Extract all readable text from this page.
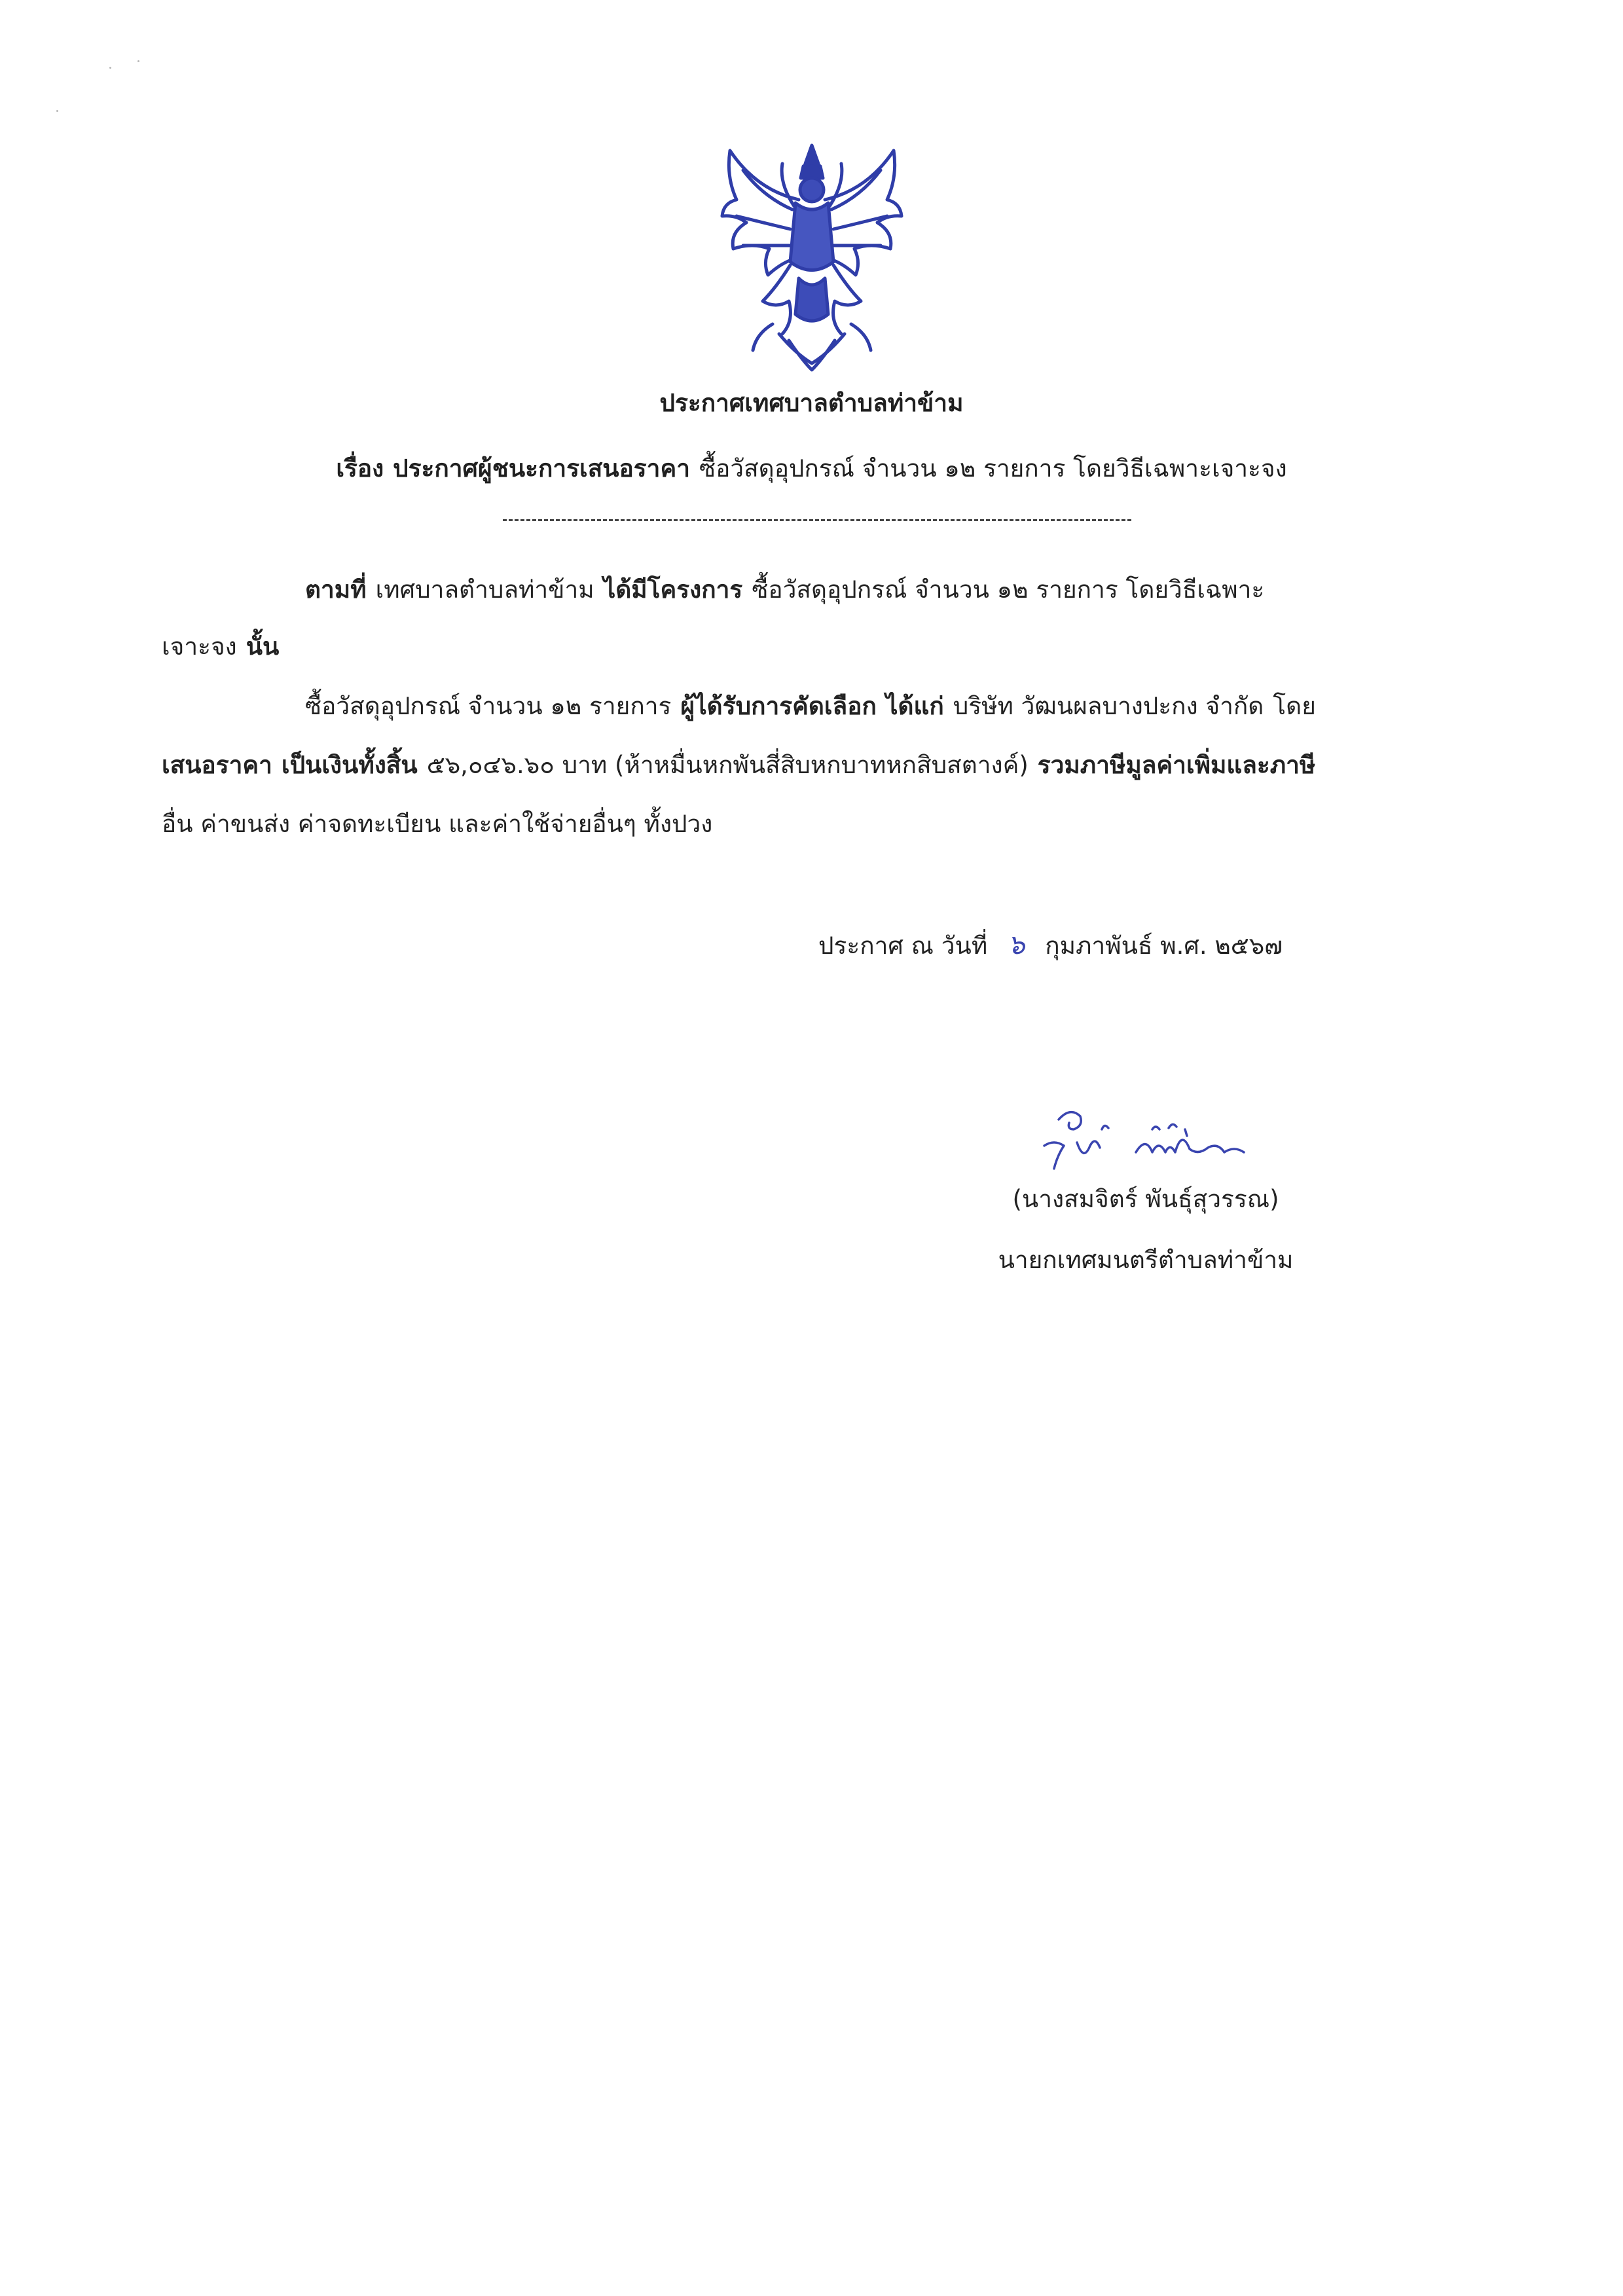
ประกาศเทศบาลตำบลท่าข้าม
เรื่อง ประกาศผู้ชนะการเสนอราคา ซื้อวัสดุอุปกรณ์ จำนวน ๑๒ รายการ โดยวิธีเฉพาะเจาะจง
ตามที่ เทศบาลตำบลท่าข้าม ได้มีโครงการ ซื้อวัสดุอุปกรณ์ จำนวน ๑๒ รายการ โดยวิธีเฉพาะ
เจาะจง นั้น
ซื้อวัสดุอุปกรณ์ จำนวน ๑๒ รายการ ผู้ได้รับการคัดเลือก ได้แก่ บริษัท วัฒนผลบางปะกง จำกัด โดย
เสนอราคา เป็นเงินทั้งสิ้น ๕๖,๐๔๖.๖๐ บาท (ห้าหมื่นหกพันสี่สิบหกบาทหกสิบสตางค์) รวมภาษีมูลค่าเพิ่มและภาษี
อื่น ค่าขนส่ง ค่าจดทะเบียน และค่าใช้จ่ายอื่นๆ ทั้งปวง
ประกาศ ณ วันที่ ๖ กุมภาพันธ์ พ.ศ. ๒๕๖๗
(นางสมจิตร์ พันธุ์สุวรรณ)
นายกเทศมนตรีตำบลท่าข้าม
